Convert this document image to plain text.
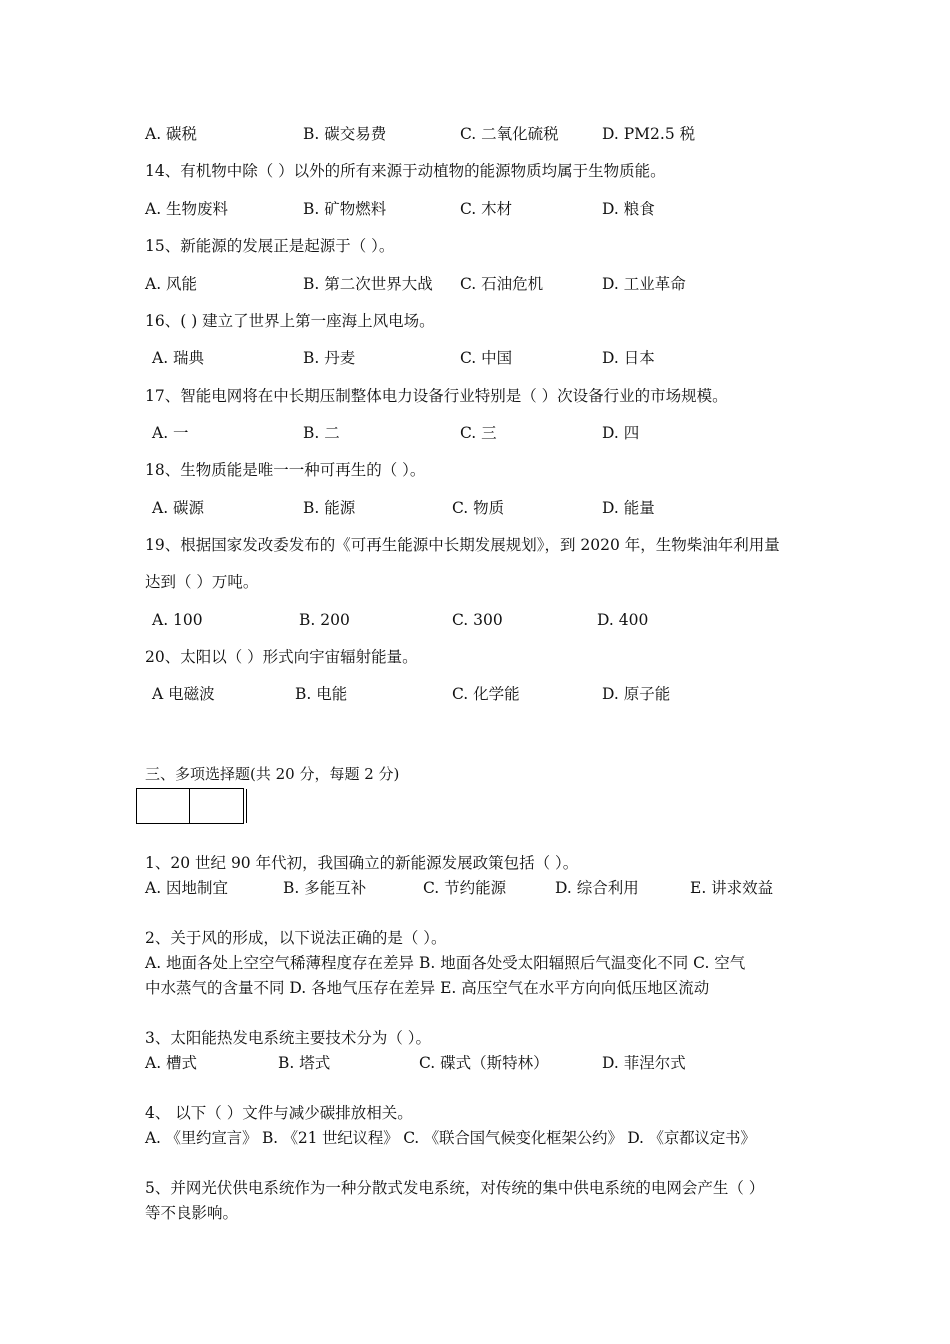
A. 碳税	B. 碳交易费	C. 二氧化硫税	D. PM2.5 税
14、有机物中除（ ）以外的所有来源于动植物的能源物质均属于生物质能。
A. 生物废料	B. 矿物燃料	C. 木材	D. 粮食
15、新能源的发展正是起源于（ ）。
A. 风能	B. 第二次世界大战 C. 石油危机	D. 工业革命
16、( ) 建立了世界上第一座海上风电场。
A. 瑞典	B. 丹麦	C. 中国	D. 日本
17、智能电网将在中长期压制整体电力设备行业特别是（ ）次设备行业的市场规模。
A. 一	B. 二	C. 三	D. 四
18、生物质能是唯一一种可再生的（ ）。
A. 碳源	B. 能源	C. 物质	D. 能量
19、根据国家发改委发布的《可再生能源中长期发展规划》，到 2020 年，生物柴油年利用量
达到（ ）万吨。
A. 100	B. 200	C. 300	D. 400
20、太阳以（ ）形式向宇宙辐射能量。
A 电磁波	B. 电能	C. 化学能	D. 原子能
三、多项选择题(共 20 分，每题 2 分)
1、20 世纪 90 年代初，我国确立的新能源发展政策包括（ ）。
A. 因地制宜	B. 多能互补	C. 节约能源	D. 综合利用	E. 讲求效益
2、关于风的形成，以下说法正确的是（ ）。
A. 地面各处上空空气稀薄程度存在差异 B. 地面各处受太阳辐照后气温变化不同 C. 空气
中水蒸气的含量不同 D. 各地气压存在差异 E. 高压空气在水平方向向低压地区流动
3、太阳能热发电系统主要技术分为（ ）。
A. 槽式	B. 塔式	C. 碟式（斯特林）	D. 菲涅尔式
4、 以下（ ）文件与减少碳排放相关。
A. 《里约宣言》 B. 《21 世纪议程》 C. 《联合国气候变化框架公约》 D. 《京都议定书》
5、并网光伏供电系统作为一种分散式发电系统，对传统的集中供电系统的电网会产生（ ）
等不良影响。
